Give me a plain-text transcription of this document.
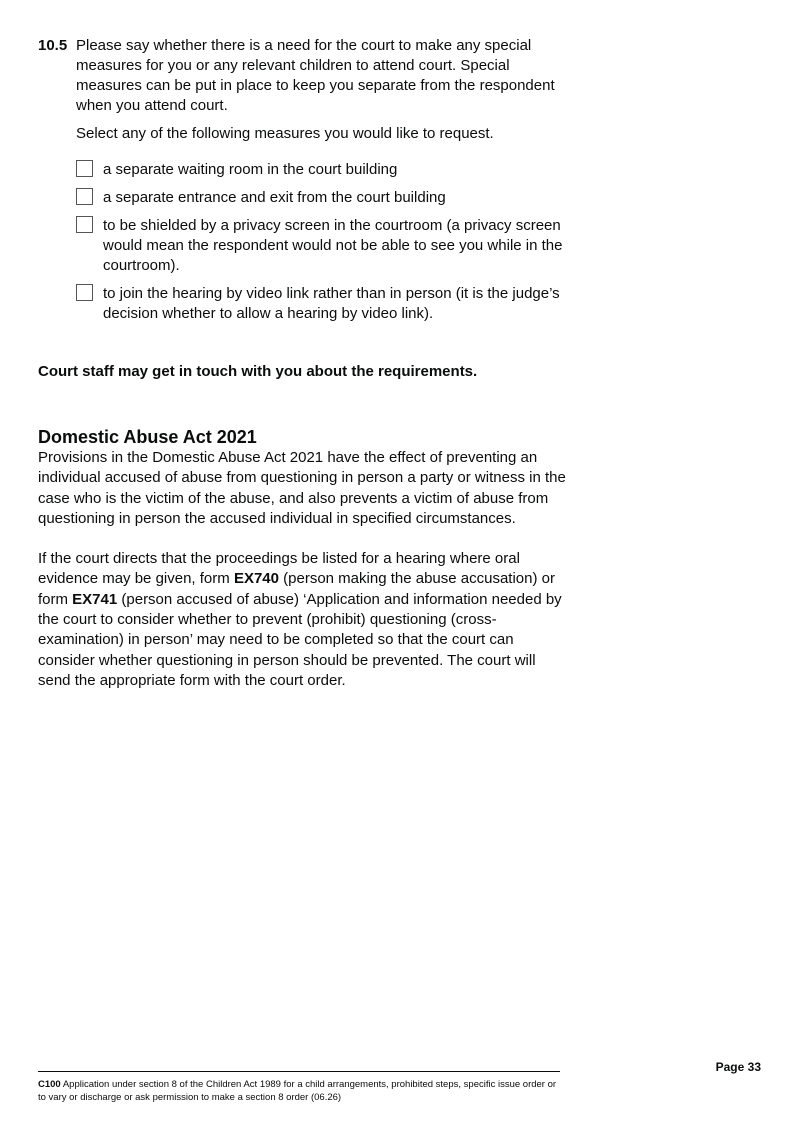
10.5 Please say whether there is a need for the court to make any special measures for you or any relevant children to attend court. Special measures can be put in place to keep you separate from the respondent when you attend court.

Select any of the following measures you would like to request.

a separate waiting room in the court building
a separate entrance and exit from the court building
to be shielded by a privacy screen in the courtroom (a privacy screen would mean the respondent would not be able to see you while in the courtroom).
to join the hearing by video link rather than in person (it is the judge’s decision whether to allow a hearing by video link).
Court staff may get in touch with you about the requirements.
Domestic Abuse Act 2021

Provisions in the Domestic Abuse Act 2021 have the effect of preventing an individual accused of abuse from questioning in person a party or witness in the case who is the victim of the abuse, and also prevents a victim of abuse from questioning in person the accused individual in specified circumstances.

If the court directs that the proceedings be listed for a hearing where oral evidence may be given, form EX740 (person making the abuse accusation) or form EX741 (person accused of abuse) ‘Application and information needed by the court to consider whether to prevent (prohibit) questioning (cross-examination) in person’ may need to be completed so that the court can consider whether questioning in person should be prevented. The court will send the appropriate form with the court order.

Page 33
C100 Application under section 8 of the Children Act 1989 for a child arrangements, prohibited steps, specific issue order or to vary or discharge or ask permission to make a section 8 order (06.26)
